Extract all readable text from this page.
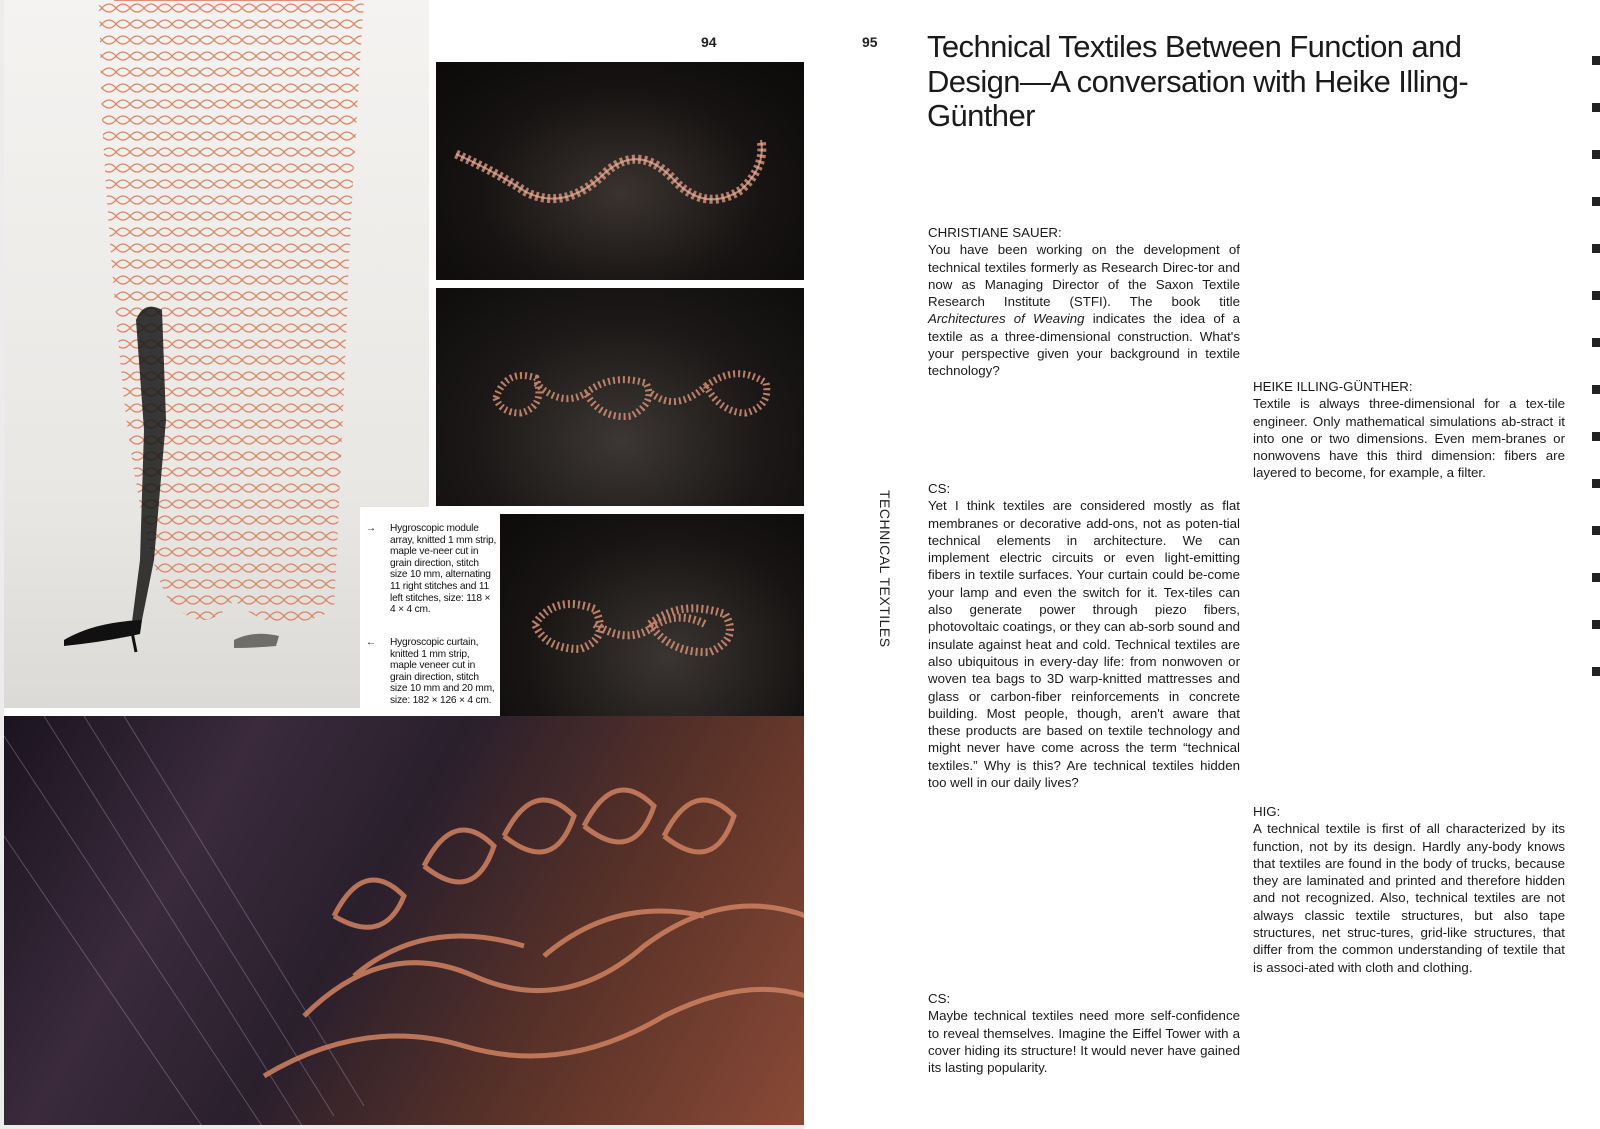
94
→ Hygroscopic module array, knitted 1 mm strip, maple ve-neer cut in grain direction, stitch size 10 mm, alternating 11 right stitches and 11 left stitches, size: 118 × 4 × 4 cm.
← Hygroscopic curtain, knitted 1 mm strip, maple veneer cut in grain direction, stitch size 10 mm and 20 mm, size: 182 × 126 × 4 cm.
95 Technical Textiles Between Function and Design—A conversation with Heike Illing-Günther
TECHNICAL TEXTILES
CHRISTIANE SAUER:
You have been working on the development of technical textiles formerly as Research Direc-tor and now as Managing Director of the Saxon Textile Research Institute (STFI). The book title Architectures of Weaving indicates the idea of a textile as a three-dimensional construction. What's your perspective given your background in textile technology?
HEIKE ILLING-GÜNTHER:
Textile is always three-dimensional for a tex-tile engineer. Only mathematical simulations ab-stract it into one or two dimensions. Even mem-branes or nonwovens have this third dimension: fibers are layered to become, for example, a filter.
CS:
Yet I think textiles are considered mostly as flat membranes or decorative add-ons, not as poten-tial technical elements in architecture. We can implement electric circuits or even light-emitting fibers in textile surfaces. Your curtain could be-come your lamp and even the switch for it. Tex-tiles can also generate power through piezo fibers, photovoltaic coatings, or they can ab-sorb sound and insulate against heat and cold. Technical textiles are also ubiquitous in every-day life: from nonwoven or woven tea bags to 3D warp-knitted mattresses and glass or carbon-fiber reinforcements in concrete building. Most people, though, aren't aware that these products are based on textile technology and might never have come across the term “technical textiles.” Why is this? Are technical textiles hidden too well in our daily lives?
HIG:
A technical textile is first of all characterized by its function, not by its design. Hardly any-body knows that textiles are found in the body of trucks, because they are laminated and printed and therefore hidden and not recognized. Also, technical textiles are not always classic textile structures, but also tape structures, net struc-tures, grid-like structures, that differ from the common understanding of textile that is associ-ated with cloth and clothing.
CS:
Maybe technical textiles need more self-confidence to reveal themselves. Imagine the Eiffel Tower with a cover hiding its structure! It would never have gained its lasting popularity.
